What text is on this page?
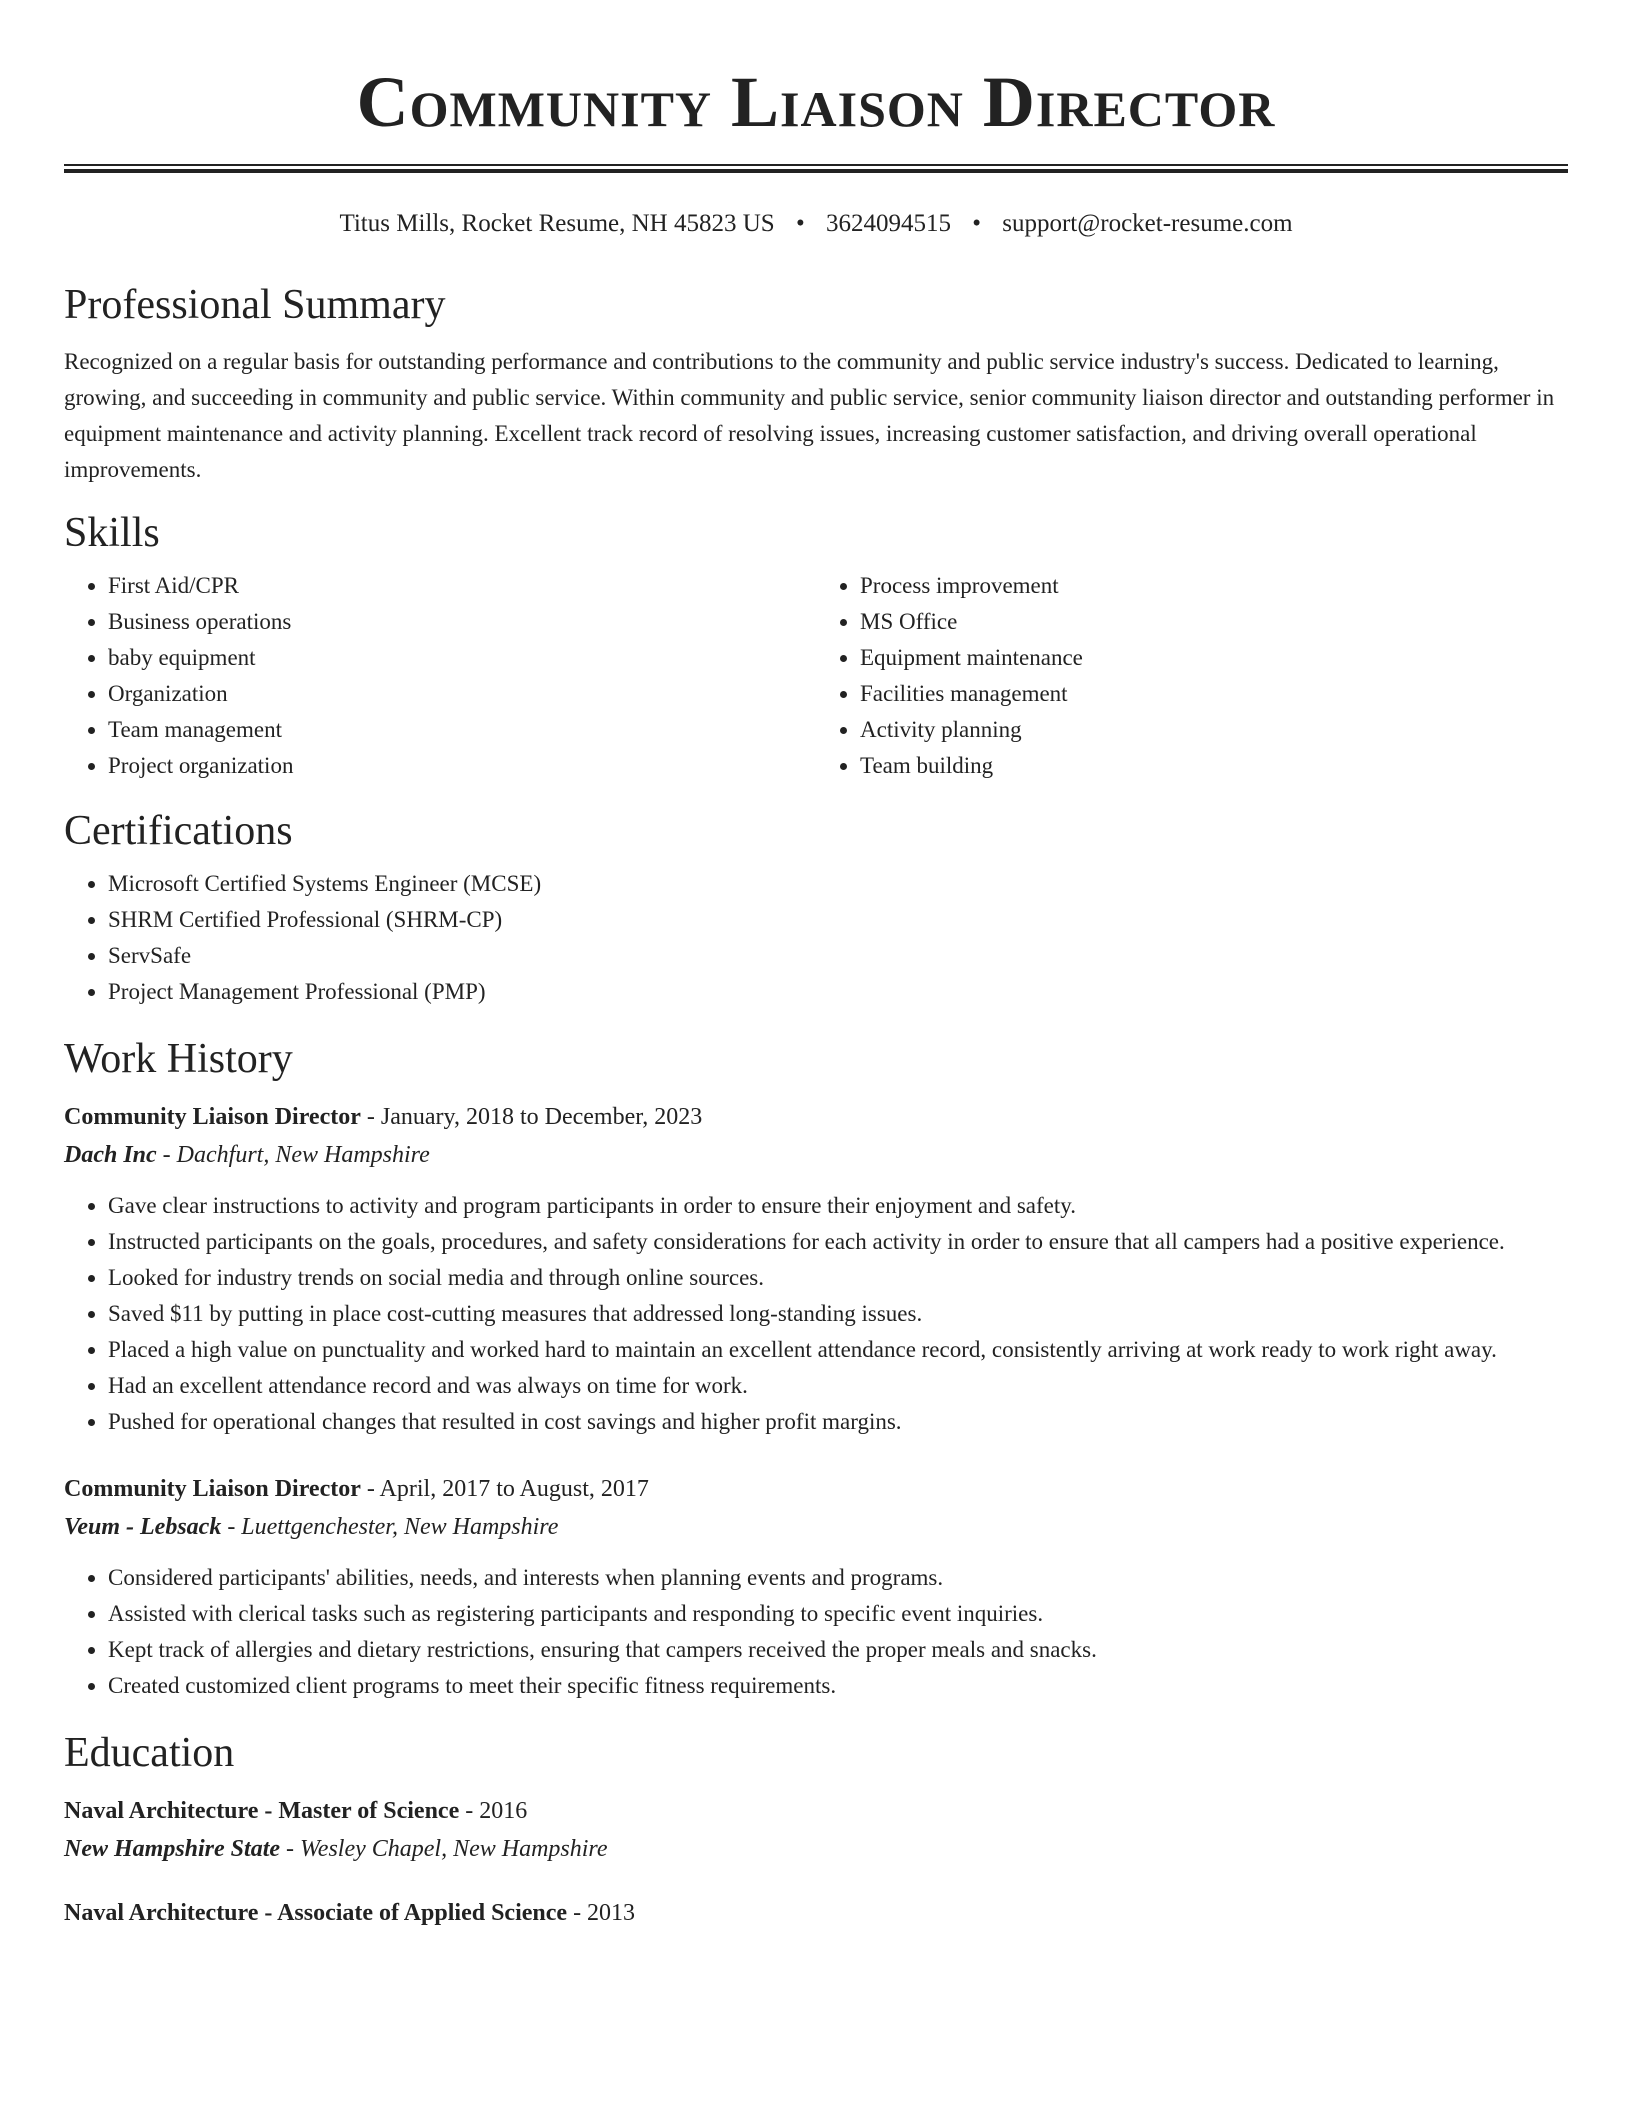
Community Liaison Director
Titus Mills, Rocket Resume, NH 45823 US • 3624094515 • support@rocket-resume.com
Professional Summary

Recognized on a regular basis for outstanding performance and contributions to the community and public service industry's success. Dedicated to learning, growing, and succeeding in community and public service. Within community and public service, senior community liaison director and outstanding performer in equipment maintenance and activity planning. Excellent track record of resolving issues, increasing customer satisfaction, and driving overall operational improvements.

Skills
• First Aid/CPR
• Business operations
• baby equipment
• Organization
• Team management
• Project organization
• Process improvement
• MS Office
• Equipment maintenance
• Facilities management
• Activity planning
• Team building
Certifications
• Microsoft Certified Systems Engineer (MCSE)
• SHRM Certified Professional (SHRM-CP)
• ServSafe
• Project Management Professional (PMP)
Work History
Community Liaison Director - January, 2018 to December, 2023
Dach Inc - Dachfurt, New Hampshire
• Gave clear instructions to activity and program participants in order to ensure their enjoyment and safety.
• Instructed participants on the goals, procedures, and safety considerations for each activity in order to ensure that all campers had a positive experience.
• Looked for industry trends on social media and through online sources.
• Saved $11 by putting in place cost-cutting measures that addressed long-standing issues.
• Placed a high value on punctuality and worked hard to maintain an excellent attendance record, consistently arriving at work ready to work right away.
• Had an excellent attendance record and was always on time for work.
• Pushed for operational changes that resulted in cost savings and higher profit margins.
Community Liaison Director - April, 2017 to August, 2017
Veum - Lebsack - Luettgenchester, New Hampshire
• Considered participants' abilities, needs, and interests when planning events and programs.
• Assisted with clerical tasks such as registering participants and responding to specific event inquiries.
• Kept track of allergies and dietary restrictions, ensuring that campers received the proper meals and snacks.
• Created customized client programs to meet their specific fitness requirements.
Education
Naval Architecture - Master of Science - 2016
New Hampshire State - Wesley Chapel, New Hampshire
Naval Architecture - Associate of Applied Science - 2013
